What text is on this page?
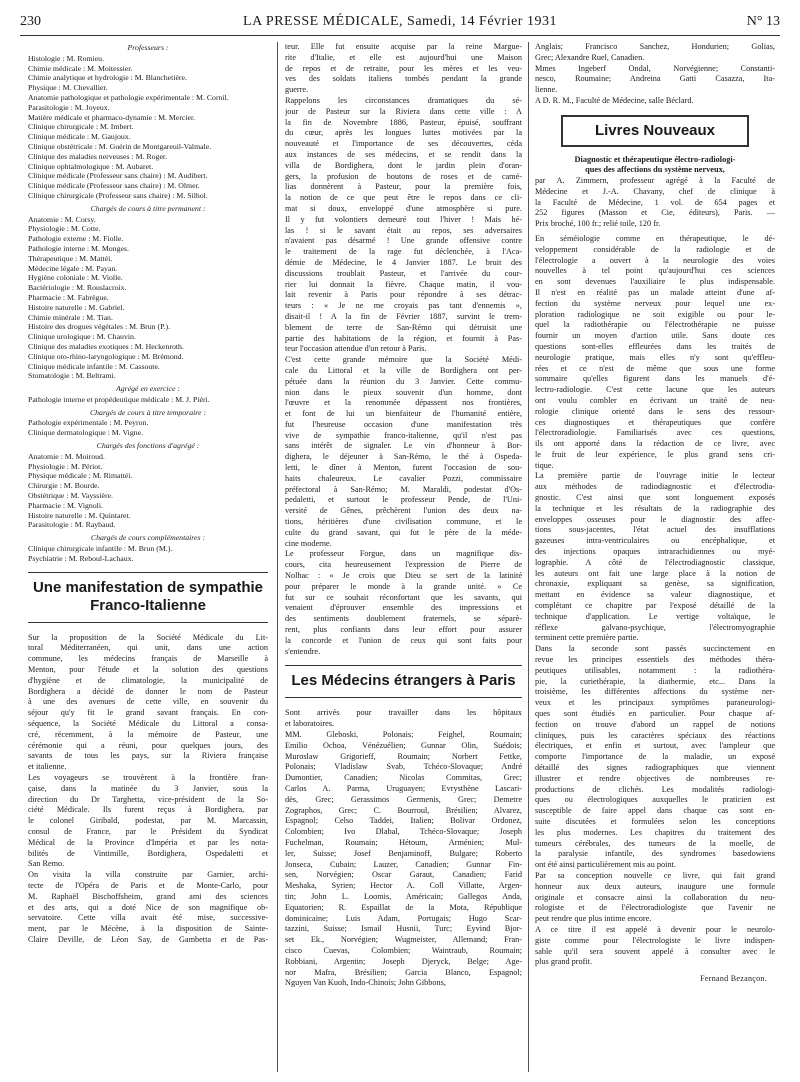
230	LA PRESSE MÉDICALE, Samedi, 14 Février 1931	N° 13
Professeurs :
Histologie : M. Romieu.
Chimie médicale : M. Moitessier.
Chimie analytique et hydrologie : M. Blanchetière.
Physique : M. Chevallier.
Anatomie pathologique et pathologie expérimentale : M. Cornil.
Parasitologie : M. Joyeux.
Matière médicale et pharmaco-dynamie : M. Mercier.
Clinique chirurgicale : M. Imbert.
Clinique médicale : M. Gaujoux.
Clinique obstétricale : M. Guérin de Montgareuil-Valmale.
Clinique des maladies nerveuses : M. Roger.
Clinique ophtalmologique : M. Aubaret.
Clinique médicale (Professeur sans chaire) : M. Audibert.
Clinique médicale (Professeur sans chaire) : M. Olmer.
Clinique chirurgicale (Professeur sans chaire) : M. Silhol.
Chargés de cours à titre permanent :
Anatomie : M. Corsy.
Physiologie : M. Cotte.
Pathologie externe : M. Fiolle.
Pathologie interne : M. Monges.
Thérapeutique : M. Mattéi.
Médecine légale : M. Payan.
Hygiène coloniale : M. Violle.
Bactériologie : M. Rouslacroix.
Pharmacie : M. Fabrègue.
Histoire naturelle : M. Gabriel.
Chimie minérale : M. Tian.
Histoire des drogues végétales : M. Brun (P.).
Clinique urologique : M. Chauvin.
Clinique des maladies exotiques : M. Heckenroth.
Clinique oto-rhino-laryngologique : M. Brémond.
Clinique médicale infantile : M. Cassoute.
Stomatologie : M. Beltrami.
Agrégé en exercice :
Pathologie interne et propédeutique médicale : M. J. Piéri.
Chargés de cours à titre temporaire :
Pathologie expérimentale : M. Peyron.
Clinique dermatologique : M. Vigne.
Chargés des fonctions d'agrégé :
Anatomie : M. Moiroud.
Physiologie : M. Périot.
Physique médicale : M. Rimattéi.
Chirurgie : M. Bourde.
Obstétrique : M. Vayssière.
Pharmacie : M. Vignoli.
Histoire naturelle : M. Quintaret.
Parasitologie : M. Raybaud.
Chargés de cours complémentaires :
Clinique chirurgicale infantile : M. Brun (M.).
Psychiatrie : M. Reboul-Lachaux.
Une manifestation de sympathie Franco-Italienne
Sur la proposition de la Société Médicale du Lit-
toral Méditerranéen, qui unit, dans une action
commune, les médecins français de Marseille à
Menton, pour l'étude et la solution des questions
d'hygiène et de climatologie, la municipalité de
Bordighera a décidé de donner le nom de Pasteur
à une des avenues de cette ville, en souvenir du
séjour qu'y fit le grand savant français. En con-
séquence, la Société Médicale du Littoral a consa-
cré, récemment, à la mémoire de Pasteur, une
cérémonie qui a réuni, pour quelques jours, des
savants de tous les pays, sur la Riviera française
et italienne.
Les voyageurs se trouvèrent à la frontière fran-
çaise, dans la matinée du 3 Janvier, sous la
direction du Dr Targhetta, vice-président de la So-
ciété Médicale. Ils furent reçus à Bordighera, par
le colonel Giribald, podestat, par M. Marcassin,
consul de France, par le Président du Syndicat
Médical de la Province d'Impéria et par les nota-
bilités de Vintimille, Bordighera, Ospedaletti et
San Remo.
On visita la villa construite par Garnier, archi-
tecte de l'Opéra de Paris et de Monte-Carlo, pour
M. Raphaël Bischoffsheim, grand ami des sciences
et des arts, qui a doté Nice de son magnifique ob-
servatoire. Cette villa avait été mise, successive-
ment, par le Mécène, à la disposition de Sainte-
Claire Deville, de Léon Say, de Gambetta et de Pas-
teur. Elle fut ensuite acquise par la reine Margue-
rite d'Italie, et elle est aujourd'hui une Maison
de repos et de retraite, pour les mères et les veu-
ves des soldats italiens tombés pendant la grande
guerre.
Rappelons les circonstances dramatiques du sé-
jour de Pasteur sur la Riviera dans cette ville : A
la fin de Novembre 1886, Pasteur, épuisé, souffrant
du cœur, après les longues luttes motivées par la
nouveauté et l'importance de ses découvertes, céda
aux instances de ses médecins, et se rendit dans la
villa de Bordighera, dont le jardin plein d'oran-
gers, la profusion de boutons de roses et de camé-
lias donnèrent à Pasteur, pour la première fois,
la notion de ce que peut être le repos dans ce cli-
mat si doux, enveloppé d'une atmosphère si pure.
Il y fut volontiers demeuré tout l'hiver ! Mais hé-
las ! si le savant était au repos, ses adversaires
n'avaient pas désarmé ! Une grande offensive contre
le traitement de la rage fut déclenchée, à l'Aca-
démie de Médecine, le 4 Janvier 1887. Le bruit des
discussions troublait Pasteur, et l'arrivée du cour-
rier lui donnait la fièvre. Chaque matin, il vou-
lait revenir à Paris pour répondre à ses détrac-
teurs : « Je ne me croyais pas tant d'ennemis »,
disait-il ! A la fin de Février 1887, survint le trem-
blement de terre de San-Rémo qui détruisit une
partie des habitations de la région, et fournit à Pas-
teur l'occasion attendue d'un retour à Paris.
C'est cette grande mémoire que la Société Médi-
cale du Littoral et la ville de Bordighera ont per-
pétuée dans la réunion du 3 Janvier. Cette commu-
nion dans le pieux souvenir d'un homme, dont
l'œuvre et la renommée dépassent nos frontières,
et font de lui un bienfaiteur de l'humanité entière,
fut l'heureuse occasion d'une manifestation très
vive de sympathie franco-italienne, qu'il n'est pas
sans intérêt de signaler. Le vin d'honneur à Bor-
dighera, le déjeuner à San-Rémo, le thé à Ospeda-
letti, le dîner à Menton, furent l'occasion de sou-
haits chaleureux. Le cavalier Pozzi, commissaire
préfectoral à San-Rémo; M. Maraldi, podestat d'Os-
pedaletti, et surtout le professeur Pende, de l'Uni-
versité de Gênes, prêchèrent l'union des deux na-
tions, héritières d'une civilisation commune, et le
culte du grand savant, qui fut le père de la méde-
cine moderne.
Le professeur Forgue, dans un magnifique dis-
cours, cita heureusement l'expression de Pierre de
Nolhac : « Je crois que Dieu se sert de la latinité
pour préparer le monde à la grande unité. » Ce
fut sur ce souhait réconfortant que les savants, qui
venaient d'éprouver ensemble des impressions et
des sentiments doublement fraternels, se séparè-
rent, plus confiants dans leur effort pour assurer
la concorde et l'union de ceux qui sont faits pour
s'entendre.
Les Médecins étrangers à Paris
Sont arrivés pour travailler dans les hôpitaux
et laboratoires.
MM. Gleboski, Polonais; Feighel, Roumain;
Emilio Ochoa, Vénézuélien; Gunnar Olin, Suédois;
Muroslaw Grigorieff, Roumain; Norbert Fettke,
Polonais; Vladislaw Svab, Tchéco-Slovaque; André
Dumontier, Canadien; Nicolas Commitas, Grec;
Carlos A. Parma, Uruguayen; Evrysthène Lascari-
dès, Grec; Gerassimos Germenis, Grec; Demetre
Zographos, Grec; C. Bourroul, Brésilien; Alvarez,
Espagnol; Celso Taddei, Italien; Bolivar Ordonez,
Colombien; Ivo Dlabal, Tchéco-Slovaque; Joseph
Fuchelman, Roumain; Hétoum, Arménien; Mul-
ler, Suisse; Josef Benjaminoff, Bulgare; Roberto
Jonseca, Cubain; Lauzer, Canadien; Gunnar Fin-
sen, Norvégien; Oscar Garaut, Canadien; Farid
Meshaka, Syrien; Hector A. Coll Villatte, Argen-
tin; John L. Loomis, Américain; Gallegos Anda,
Equatorien; R. Espaillat de la Mota, République
dominicaine; Luis Adam, Portugais; Hugo Scar-
tazzini, Suisse; Ismail Husnii, Turc; Eyvind Bjor-
set Ek., Norvégien; Wugmeister, Allemand; Fran-
cisco Cuevas, Colombien; Waintraub, Roumain;
Robbiani, Argentin; Joseph Djeryck, Belge; Age-
nor Mafra, Brésilien; Garcia Blanco, Espagnol;
Nguyen Van Kuoh, Indo-Chinois; John Gibbons,
Anglais; Francisco Sanchez, Hondurien; Golias,
Grec; Alexandre Ruel, Canadien.
Mmes Ingeberf Ondal, Norvégienne; Constanti-
nesco, Roumaine; Andreina Gatti Casazza, Ita-
lienne.
A D. R. M., Faculté de Médecine, salle Béclard.
Livres Nouveaux
Diagnostic et thérapeutique électro-radiologi-
ques des affections du système nerveux,
par A. Zimmern, professeur agrégé à la Faculté de
Médecine et J.-A. Chavany, chef de clinique à
la Faculté de Médecine, 1 vol. de 654 pages et
252 figures (Masson et Cie, éditeurs), Paris. —
Prix broché, 100 fr.; relié toile, 120 fr.
En séméiologie comme en thérapeutique, le dé-
veloppement considérable de la radiologie et de
l'électrologie a ouvert à la neurologie des voies
nouvelles à tel point qu'aujourd'hui ces sciences
en sont devenues l'auxiliaire le plus indispensable.
Il n'est en réalité pas un malade atteint d'une af-
fection du système nerveux pour lequel une ex-
ploration radiologique ne soit exigible ou pour le-
quel la radiothérapie ou l'électrothérapie ne puisse
fournir un moyen d'action utile. Sans doute ces
questions sont-elles effleurées dans les traités de
neurologie pratique, mais elles n'y sont qu'effleu-
rées et ce n'est de même que sous une forme
sommaire qu'elles figurent dans les manuels d'é-
lectro-radiologie. C'est cette lacune que les auteurs
ont voulu combler en écrivant un traité de neu-
rologie clinique orienté dans le sens des ressour-
ces diagnostiques et thérapeutiques que confère
l'électroradiologie. Familiarisés avec ces questions,
ils ont apporté dans la rédaction de ce livre, avec
le fruit de leur expérience, le plus grand sens cri-
tique.
La première partie de l'ouvrage initie le lecteur
aux méthodes de radiodiagnostic et d'électrodia-
gnostic. C'est ainsi que sont longuement exposés
la technique et les résultats de la radiographie des
enveloppes osseuses pour le diagnostic des affec-
tions sous-jacentes, l'état actuel des insufflations
gazeuses intra-ventriculaires ou encéphalique, et
des injections opaques intrarachidiennes ou myé-
lographie. A côté de l'électrodiagnostic classique,
les auteurs ont fait une large place à la notion de
chronaxie, expliquant sa genèse, sa signification,
mettant en évidence sa valeur diagnostique, et
complétant ce chapitre par l'exposé détaillé de la
technique d'application. Le vertige voltaïque, le
réflexe galvano-psychique, l'électromyographie
terminent cette première partie.
Dans la seconde sont passés succinctement en
revue les principes essentiels des méthodes théra-
peutiques utilisables, notamment : la radiothéra-
pie, la curiethérapie, la diathermie, etc... Dans la
troisième, les différentes affections du système ner-
veux et les principaux symptômes paraneurologi-
ques sont étudiés en particulier. Pour chaque af-
fection on trouve d'abord un rappel de notions
cliniques, puis les caractères spéciaux des réactions
électriques, et enfin et surtout, avec l'ampleur que
comporte l'importance de la maladie, un exposé
détaillé des signes radiographiques que viennent
illustrer et rendre objectives de nombreuses re-
productions de clichés. Les modalités radiologi-
ques ou électrologiques auxquelles le praticien est
susceptible de faire appel dans chaque cas sont en-
suite discutées et formulées selon les conceptions
les plus modernes. Les chapitres du traitement des
tumeurs cérébrales, des tumeurs de la moelle, de
la paralysie infantile, des syndromes basedowiens
ont été ainsi particulièrement mis au point.
Par sa conception nouvelle ce livre, qui fait grand
honneur aux deux auteurs, inaugure une formule
originale et consacre ainsi la collaboration du neu-
rologiste et de l'électroradiologiste que l'avenir ne
peut rendre que plus intime encore.
A ce titre il est appelé à devenir pour le neurolo-
giste comme pour l'électrologiste le livre indispen-
sable qu'il sera souvent appelé à consulter avec le
plus grand profit.
Fernand Bezançon.
